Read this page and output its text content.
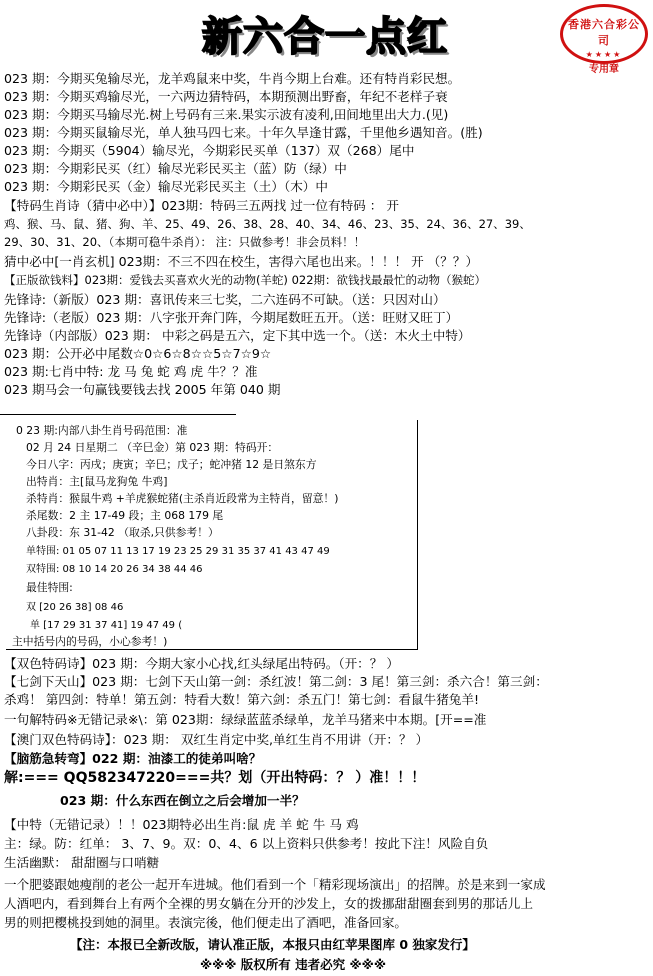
新六合一点红	香港六合彩公司
★★★★
专用章
023 期：今期买兔输尽光，龙羊鸡鼠来中奖，牛肖今期上台难。还有特肖彩民想。
023 期：今期买鸡输尽光，一六两边猜特码，本期预测出野畜，年纪不老样子衰
023 期：今期买马输尽光.树上号码有三来.果实示波有凌利,田间地里出大力.(见)
023 期：今期买鼠输尽光，单人独马四七来。十年久旱逢甘露，千里他乡遇知音。(胜)
023 期：今期买（5904）输尽光，今期彩民买单（137）双（268）尾中
023 期：今期彩民买（红）输尽光彩民买主（蓝）防（绿）中
023 期：今期彩民买（金）输尽光彩民买主（土）（木）中
【特码生肖诗（猜中必中）】023期：特码三五两找 过一位有特码 ： 开
鸡、猴、马、鼠、猪、狗、羊、25、49、26、38、28、40、34、46、23、35、24、36、27、39、
29、30、31、20、（本期可稳牛杀肖）： 注：只做参考！非会员料！！
猜中必中[一肖玄机] 023期：不三不四在校生，害得六尾也出来。！！！ 开 （？？）
【正版欲钱料】023期：爱钱去买喜欢火光的动物(羊蛇) 022期：欲钱找最最忙的动物（猴蛇）
先锋诗:（新版）023 期：喜讯传来三七奖，二六连码不可缺。（送：只因对山）
先锋诗:（老版）023 期：八字张开奔门阵，今期尾数旺五开。（送：旺财又旺丁）
先锋诗（内部版）023 期： 中彩之码是五六，定下其中选一个。（送：木火土中特）
023 期：公开必中尾数☆0☆6☆8☆☆5☆7☆9☆
023 期:七肖中特: 龙 马 兔 蛇 鸡 虎 牛？？准
023 期马会一句赢钱要钱去找 2005 年第 040 期
0 23 期:内部八卦生肖号码范围：准
02 月 24 日星期二 （辛巳金）第 023 期：特码开：
今日八字：丙戌；庚寅；辛巳；戊子；蛇冲猪 12 是日煞东方
出特肖：主[鼠马龙狗兔 牛鸡]
杀特肖：猴鼠牛鸡 +羊虎猴蛇猪(主杀肖近段常为主特肖，留意！)
杀尾数：2 主 17-49 段；主 068 179 尾
八卦段：东 31-42 （取杀,只供参考！）
单特围: 01 05 07 11 13 17 19 23 25 29 31 35 37 41 43 47 49
双特围: 08 10 14 20 26 34 38 44 46
最佳特围:
双 [20 26 38] 08 46
单 [17 29 31 37 41] 19 47 49 (
主中括号内的号码，小心参考！)
【双色特码诗】023 期：今期大家小心找,红头绿尾出特码。（开：？ ）
【七剑下天山】023 期：七剑下天山第一剑：杀红波！第二剑：3 尾！第三剑：杀六合！第三剑：
杀鸡！ 第四剑：特单！第五剑：特看大数！第六剑：杀五门！第七剑：看鼠牛猪兔羊!
一句解特码※无错记录※\：第 023期：绿绿蓝蓝杀绿单，龙羊马猪来中本期。[开==准
【澳门双色特码诗】：023 期： 双红生肖定中奖,单红生肖不用讲（开：？ ）
【脑筋急转弯】022 期：油漆工的徒弟叫啥？
解:=== QQ582347220===共？划（开出特码：？ ）准！！！
023 期：什么东西在倒立之后会增加一半？
【中特（无错记录）！！023期特必出生肖:鼠 虎 羊 蛇 牛 马 鸡
主：绿。防：红单： 3、7、9。双：0、4、6 以上资料只供参考！按此下注！风险自负
生活幽默： 甜甜圈与口哨糖
一个肥婆跟她瘦削的老公一起开车进城。他们看到一个「精彩现场演出」的招牌。於是来到一家成
人酒吧内，看到舞台上有两个全裸的男女躺在分开的沙发上，女的拨挪甜甜圈套到男的那话儿上
男的则把樱桃投到她的洞里。表演完後，他们便走出了酒吧，准备回家。
【注：本报已全新改版，请认准正版，本报只由红苹果图库 0 独家发行】
※※※ 版权所有 违者必究 ※※※
